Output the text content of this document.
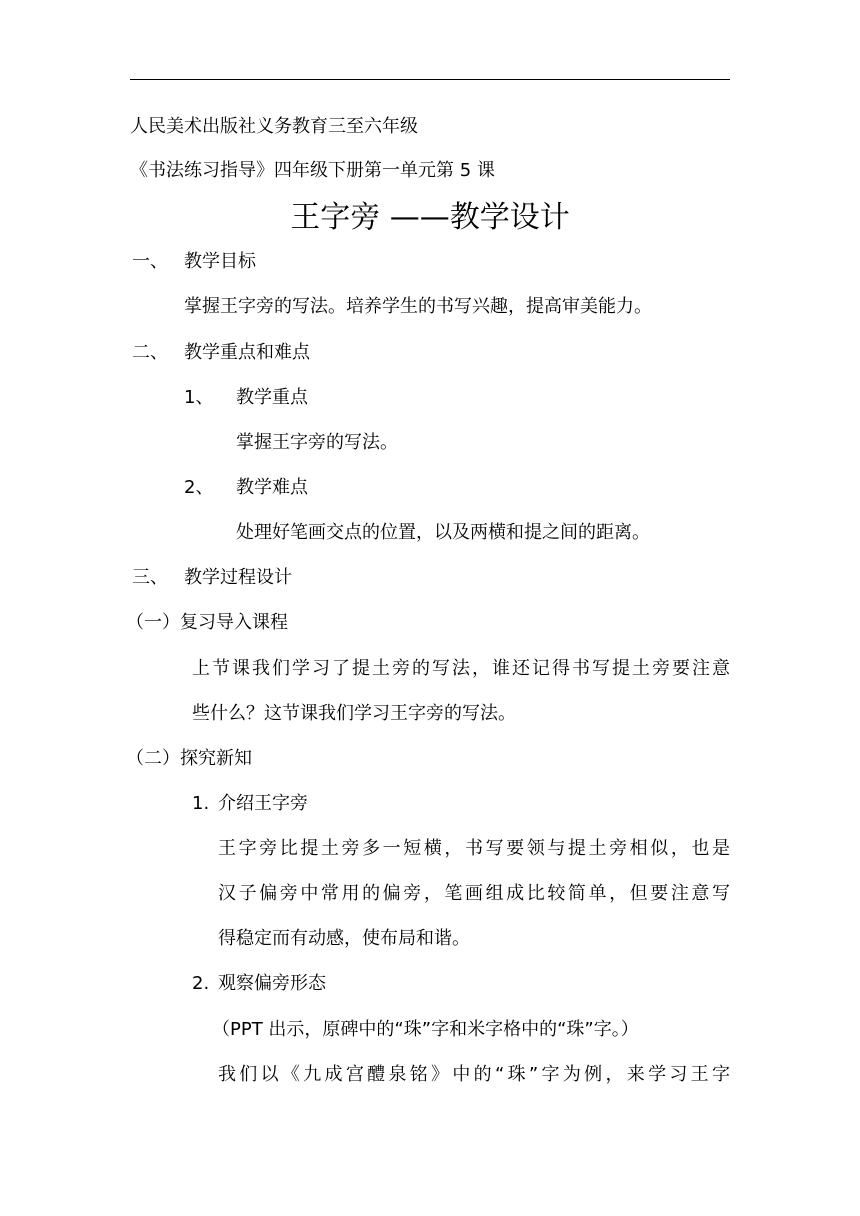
人民美术出版社义务教育三至六年级
《书法练习指导》四年级下册第一单元第 5 课
王字旁 ——教学设计
一、 教学目标
掌握王字旁的写法。培养学生的书写兴趣，提高审美能力。
二、 教学重点和难点
1、 教学重点
掌握王字旁的写法。
2、 教学难点
处理好笔画交点的位置，以及两横和提之间的距离。
三、 教学过程设计
（一）复习导入课程
上节课我们学习了提土旁的写法，谁还记得书写提土旁要注意
些什么？这节课我们学习王字旁的写法。
（二）探究新知
1. 介绍王字旁
王字旁比提土旁多一短横，书写要领与提土旁相似，也是
汉子偏旁中常用的偏旁，笔画组成比较简单，但要注意写
得稳定而有动感，使布局和谐。
2. 观察偏旁形态
（PPT 出示，原碑中的“珠”字和米字格中的“珠”字。）
我们以《九成宫醴泉铭》中的“珠”字为例，来学习王字
